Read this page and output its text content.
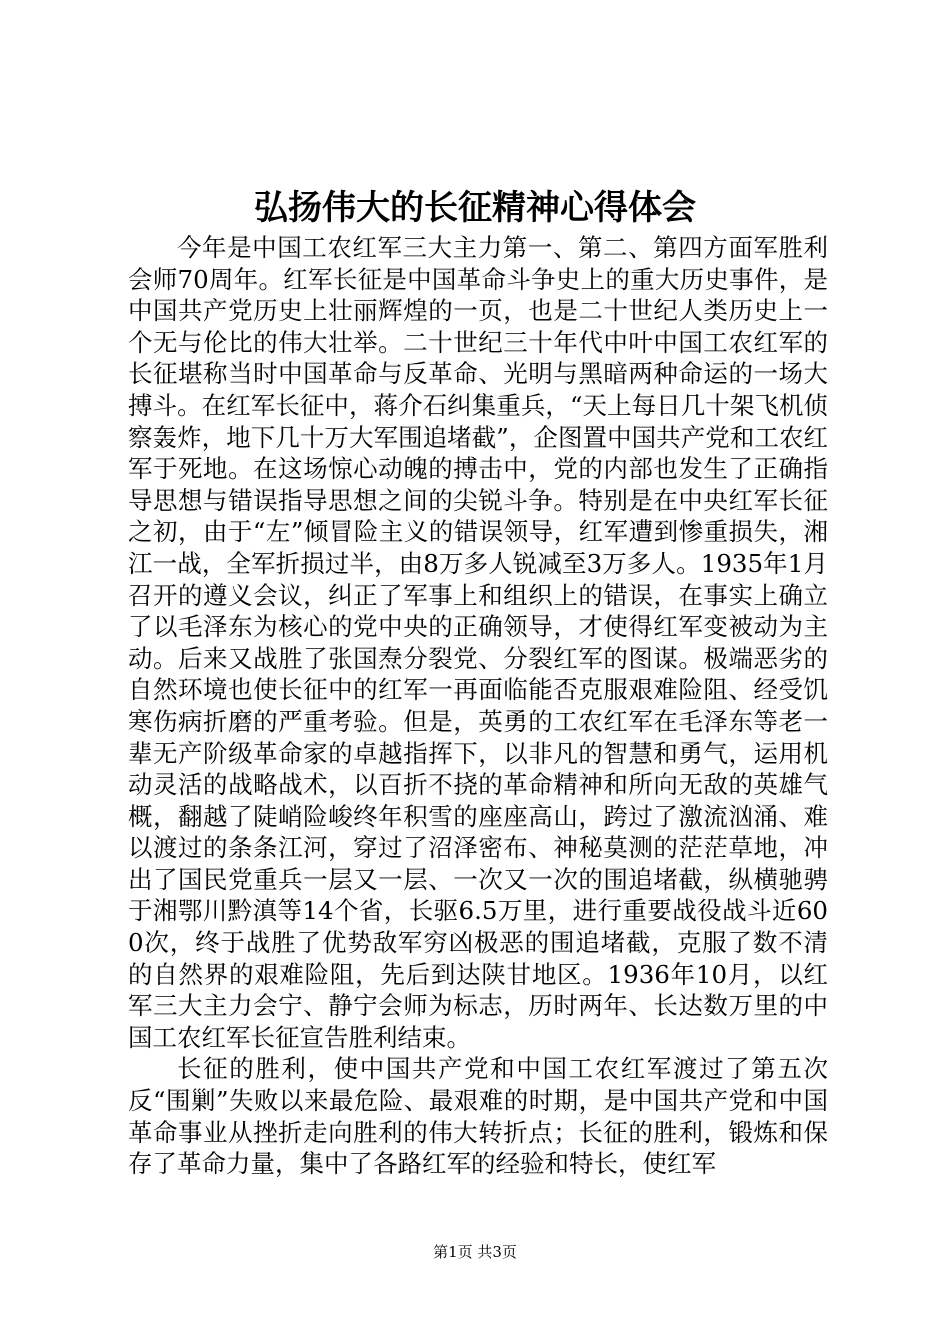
弘扬伟大的长征精神心得体会

今年是中国工农红军三大主力第一、第二、第四方面军胜利会师70周年。红军长征是中国革命斗争史上的重大历史事件，是中国共产党历史上壮丽辉煌的一页，也是二十世纪人类历史上一个无与伦比的伟大壮举。二十世纪三十年代中叶中国工农红军的长征堪称当时中国革命与反革命、光明与黑暗两种命运的一场大搏斗。在红军长征中，蒋介石纠集重兵，“天上每日几十架飞机侦察轰炸，地下几十万大军围追堵截”，企图置中国共产党和工农红军于死地。在这场惊心动魄的搏击中，党的内部也发生了正确指导思想与错误指导思想之间的尖锐斗争。特别是在中央红军长征之初，由于“左”倾冒险主义的错误领导，红军遭到惨重损失，湘江一战，全军折损过半，由8万多人锐减至3万多人。1935年1月召开的遵义会议，纠正了军事上和组织上的错误，在事实上确立了以毛泽东为核心的党中央的正确领导，才使得红军变被动为主动。后来又战胜了张国焘分裂党、分裂红军的图谋。极端恶劣的自然环境也使长征中的红军一再面临能否克服艰难险阻、经受饥寒伤病折磨的严重考验。但是，英勇的工农红军在毛泽东等老一辈无产阶级革命家的卓越指挥下，以非凡的智慧和勇气，运用机动灵活的战略战术，以百折不挠的革命精神和所向无敌的英雄气概，翻越了陡峭险峻终年积雪的座座高山，跨过了激流汹涌、难以渡过的条条江河，穿过了沼泽密布、神秘莫测的茫茫草地，冲出了国民党重兵一层又一层、一次又一次的围追堵截，纵横驰骋于湘鄂川黔滇等14个省，长驱6.5万里，进行重要战役战斗近600次，终于战胜了优势敌军穷凶极恶的围追堵截，克服了数不清的自然界的艰难险阻，先后到达陕甘地区。1936年10月，以红军三大主力会宁、静宁会师为标志，历时两年、长达数万里的中国工农红军长征宣告胜利结束。

长征的胜利，使中国共产党和中国工农红军渡过了第五次反“围剿”失败以来最危险、最艰难的时期，是中国共产党和中国革命事业从挫折走向胜利的伟大转折点；长征的胜利，锻炼和保存了革命力量，集中了各路红军的经验和特长，使红军

第1页 共3页
